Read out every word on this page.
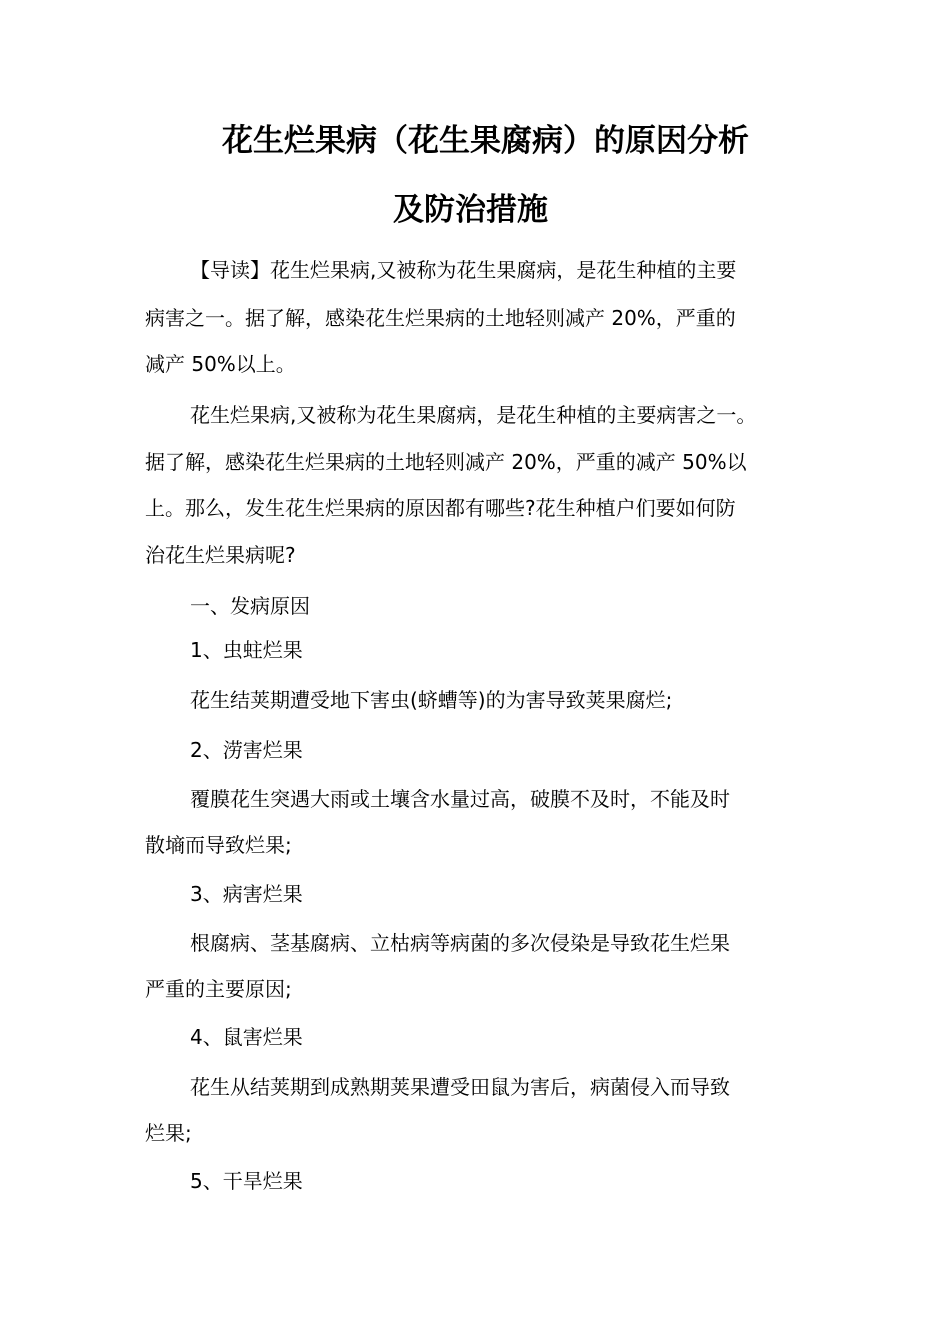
花生烂果病（花生果腐病）的原因分析
及防治措施
【导读】花生烂果病,又被称为花生果腐病，是花生种植的主要
病害之一。据了解，感染花生烂果病的土地轻则减产 20%，严重的
减产 50%以上。
花生烂果病,又被称为花生果腐病，是花生种植的主要病害之一。
据了解，感染花生烂果病的土地轻则减产 20%，严重的减产 50%以
上。那么，发生花生烂果病的原因都有哪些?花生种植户们要如何防
治花生烂果病呢?
一、发病原因
1、虫蛀烂果
花生结荚期遭受地下害虫(蛴螬等)的为害导致荚果腐烂;
2、涝害烂果
覆膜花生突遇大雨或土壤含水量过高，破膜不及时，不能及时
散墒而导致烂果;
3、病害烂果
根腐病、茎基腐病、立枯病等病菌的多次侵染是导致花生烂果
严重的主要原因;
4、鼠害烂果
花生从结荚期到成熟期荚果遭受田鼠为害后，病菌侵入而导致
烂果;
5、干旱烂果
